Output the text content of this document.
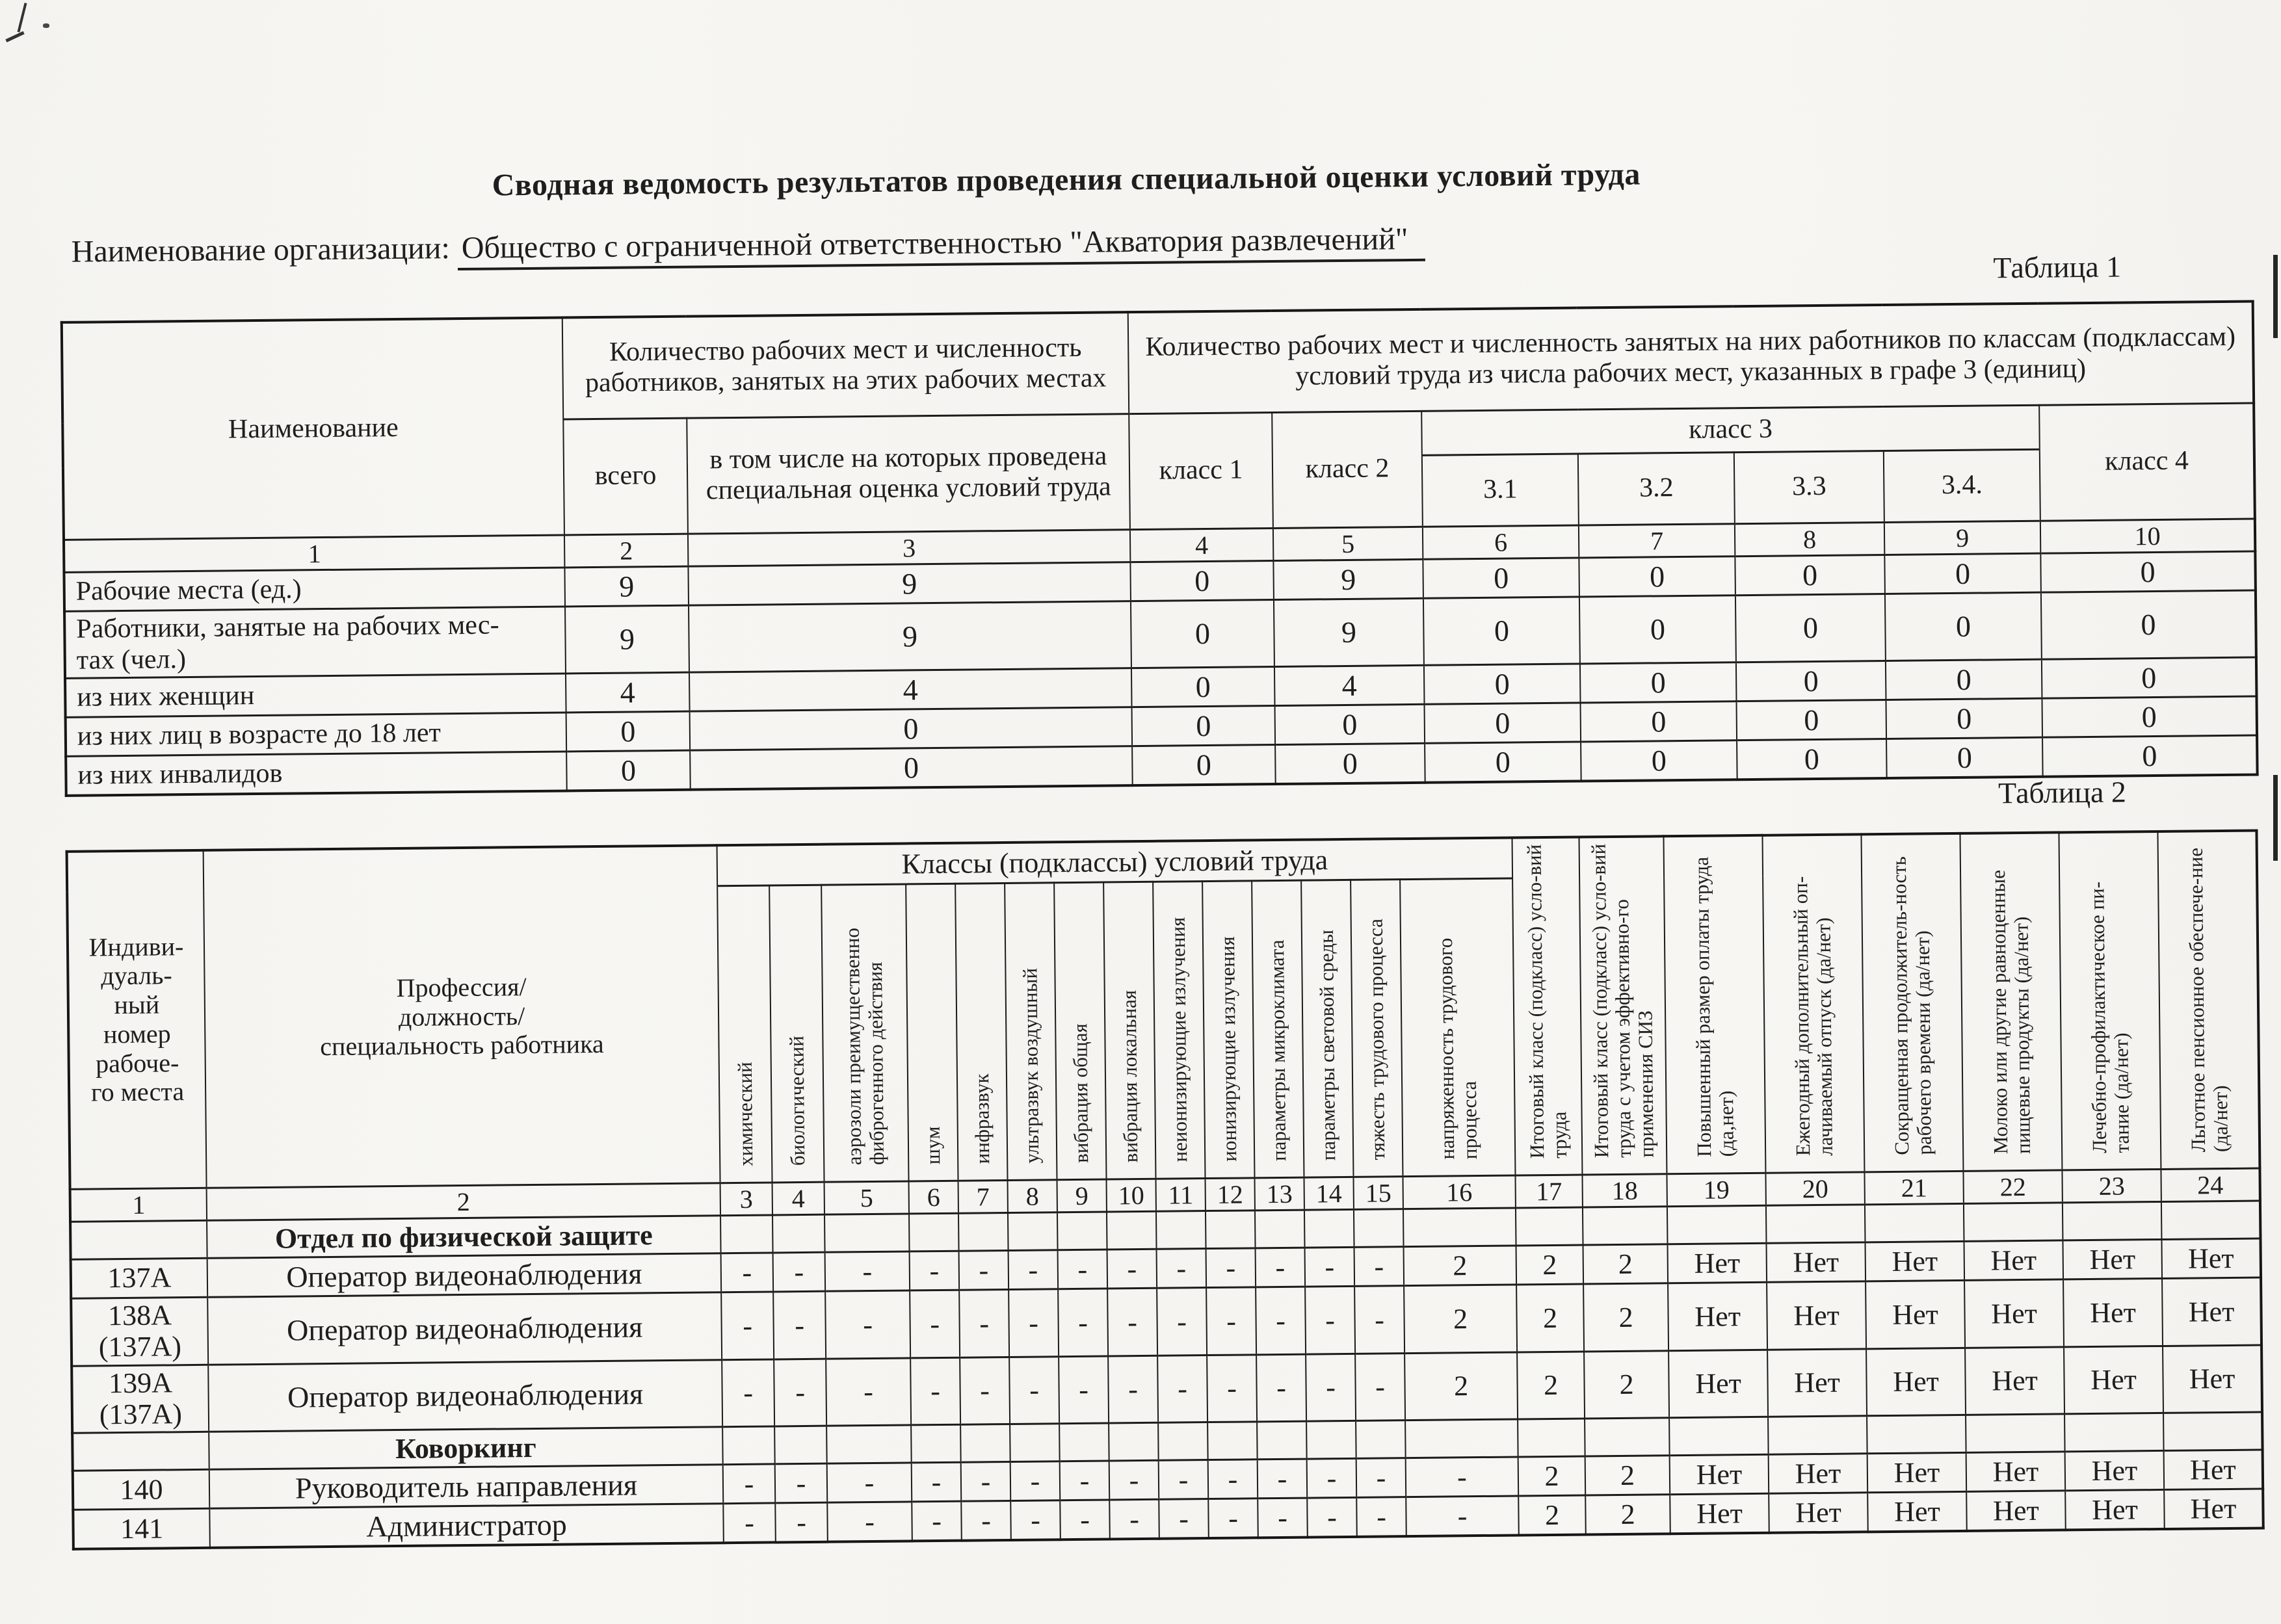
Сводная ведомость результатов проведения специальной оценки условий труда
Наименование организации: Общество с ограниченной ответственностью "Акватория развлечений"
Таблица 1
Наименование	Количество рабочих мест и численность работников, занятых на этих рабочих местах		Количество рабочих мест и численность занятых на них работников по классам (подклассам) условий труда из числа рабочих мест, указанных в графе 3 (единиц)						
	всего	в том числе на которых проведена специальная оценка условий труда	класс 1	класс 2	класс 3				класс 4
					3.1	3.2	3.3	3.4.	
1	2	3	4	5	6	7	8	9	10
Рабочие места (ед.)	9	9	0	9	0	0	0	0	0
Работники, занятые на рабочих мес-
тах (чел.)	9	9	0	9	0	0	0	0	0
из них женщин	4	4	0	4	0	0	0	0	0
из них лиц в возрасте до 18 лет	0	0	0	0	0	0	0	0	0
из них инвалидов	0	0	0	0	0	0	0	0	0
Таблица 2
Индиви-
дуаль-
ный
номер
рабоче-
го места	Профессия/
должность/
специальность работника	Классы (подклассы) условий труда	Итоговый класс (подкласс) усло-вий труда	Итоговый класс (подкласс) усло-вий труда с учетом эффективно-го применения СИЗ	Повышенный размер оплаты труда (да,нет)	Ежегодный дополнительный оп-лачиваемый отпуск (да/нет)	Сокращенная продолжитель-ность рабочего времени (да/нет)	Молоко или другие равноценные пищевые продукты (да/нет)	Лечебно-профилактическое пи-тание (да/нет)	Льготное пенсионное обеспече-ние (да/нет)
		химический	биологический	аэрозоли преимущественно фиброгенного действия	шум	инфразвук	ультразвук воздушный	вибрация общая	вибрация локальная	неионизирующие излучения	ионизирующие излучения	параметры микроклимата	параметры световой среды	тяжесть трудового процесса	напряженность трудового процесса								
1	2	3	4	5	6	7	8	9	10	11	12	13	14	15	16	17	18	19	20	21	22	23	24
	Отдел по физической защите																						
137А	Оператор видеонаблюдения	-	-	-	-	-	-	-	-	-	-	-	-	-	2	2	2	Нет	Нет	Нет	Нет	Нет	Нет
138А (137А)	Оператор видеонаблюдения	-	-	-	-	-	-	-	-	-	-	-	-	-	2	2	2	Нет	Нет	Нет	Нет	Нет	Нет
139А (137А)	Оператор видеонаблюдения	-	-	-	-	-	-	-	-	-	-	-	-	-	2	2	2	Нет	Нет	Нет	Нет	Нет	Нет
	Коворкинг																						
140	Руководитель направления	-	-	-	-	-	-	-	-	-	-	-	-	-	-	2	2	Нет	Нет	Нет	Нет	Нет	Нет
141	Администратор	-	-	-	-	-	-	-	-	-	-	-	-	-	-	2	2	Нет	Нет	Нет	Нет	Нет	Нет
